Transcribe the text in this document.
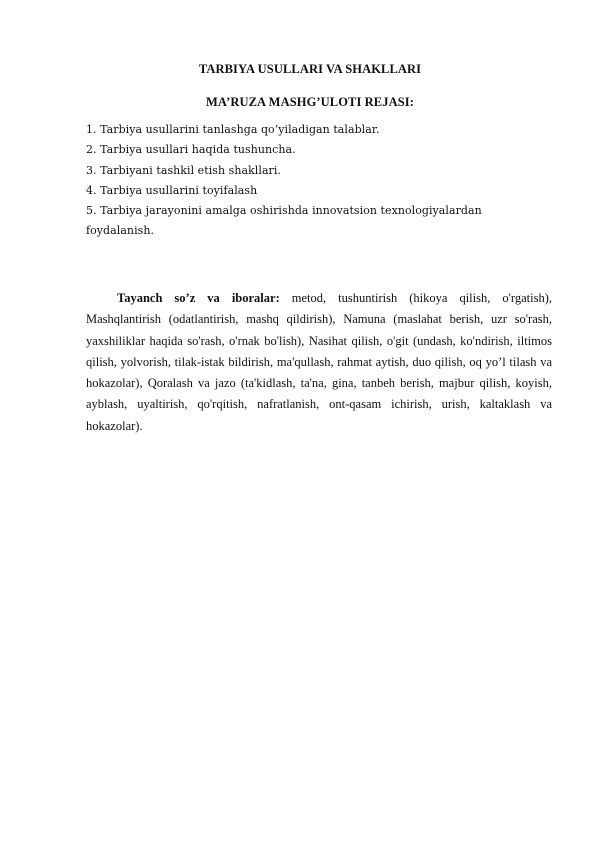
TARBIYA USULLARI VA SHAKLLARI
MA’RUZA MASHG’ULOTI REJASI:
1. Tarbiya usullarini tanlashga qo’yiladigan talablar.
2. Tarbiya usullari haqida tushuncha.
3. Tarbiyani tashkil etish shakllari.
4. Tarbiya usullarini toyifalash
5. Tarbiya jarayonini amalga oshirishda innovatsion texnologiyalardan
foydalanish.
Tayanch so’z va iboralar: metod, tushuntirish (hikoya qilish, o'rgatish), Mashqlantirish (odatlantirish, mashq qildirish), Namuna (maslahat berish, uzr so'rash, yaxshiliklar haqida so'rash, o'rnak bo'lish), Nasihat qilish, o'git (undash, ko'ndirish, iltimos qilish, yolvorish, tilak-istak bildirish, ma'qullash, rahmat aytish, duo qilish, oq yo’l tilash va hokazolar), Qoralash va jazo (ta'kidlash, ta'na, gina, tanbeh berish, majbur qilish, koyish, ayblash, uyaltirish, qo'rqitish, nafratlanish, ont-qasam ichirish, urish, kaltaklash va hokazolar).
